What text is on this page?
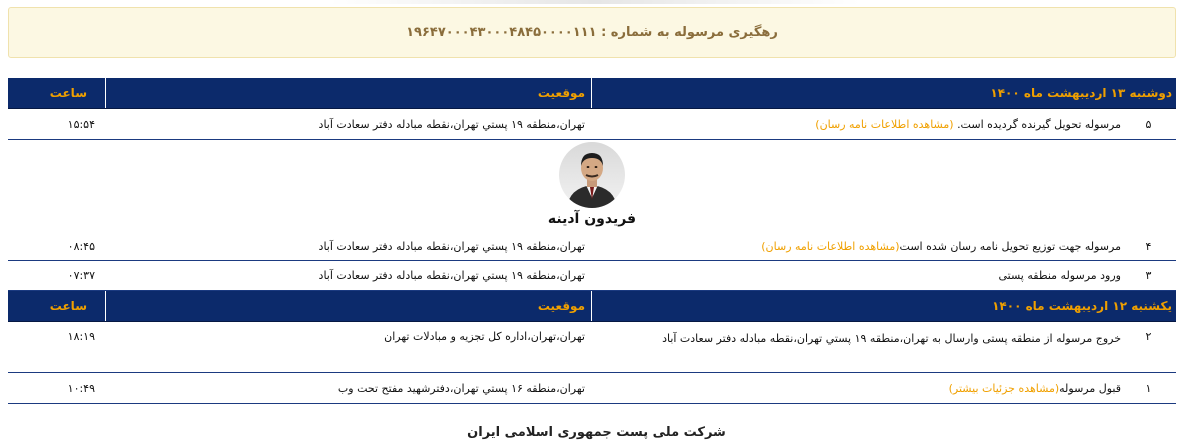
رهگیری مرسوله به شماره : ۱۹۶۴۷۰۰۰۴۳۰۰۰۴۸۴۵۰۰۰۰۱۱۱
دوشنبه ۱۳ اردیبهشت ماه ۱۴۰۰
موقعیت
ساعت
۵
مرسوله تحویل گیرنده گردیده است. (مشاهده اطلاعات نامه رسان)
تهران،منطقه ۱۹ پستي تهران،نقطه مبادله دفتر سعادت آباد
۱۵:۵۴
فریدون آدینه
۴
مرسوله جهت توزیع تحویل نامه رسان شده است(مشاهده اطلاعات نامه رسان)
تهران،منطقه ۱۹ پستي تهران،نقطه مبادله دفتر سعادت آباد
۰۸:۴۵
۳
ورود مرسوله منطقه پستی
تهران،منطقه ۱۹ پستي تهران،نقطه مبادله دفتر سعادت آباد
۰۷:۳۷
یکشنبه ۱۲ اردیبهشت ماه ۱۴۰۰
موقعیت
ساعت
۲
خروج مرسوله از منطقه پستی وارسال به تهران،منطقه ۱۹ پستي تهران،نقطه مبادله دفتر سعادت آباد
تهران،تهران،اداره کل تجزیه و مبادلات تهران
۱۸:۱۹
۱
قبول مرسوله(مشاهده جزئیات بیشتر)
تهران،منطقه ۱۶ پستي تهران،دفترشهید مفتح تحت وب
۱۰:۴۹
شرکت ملی پست جمهوری اسلامی ایران
